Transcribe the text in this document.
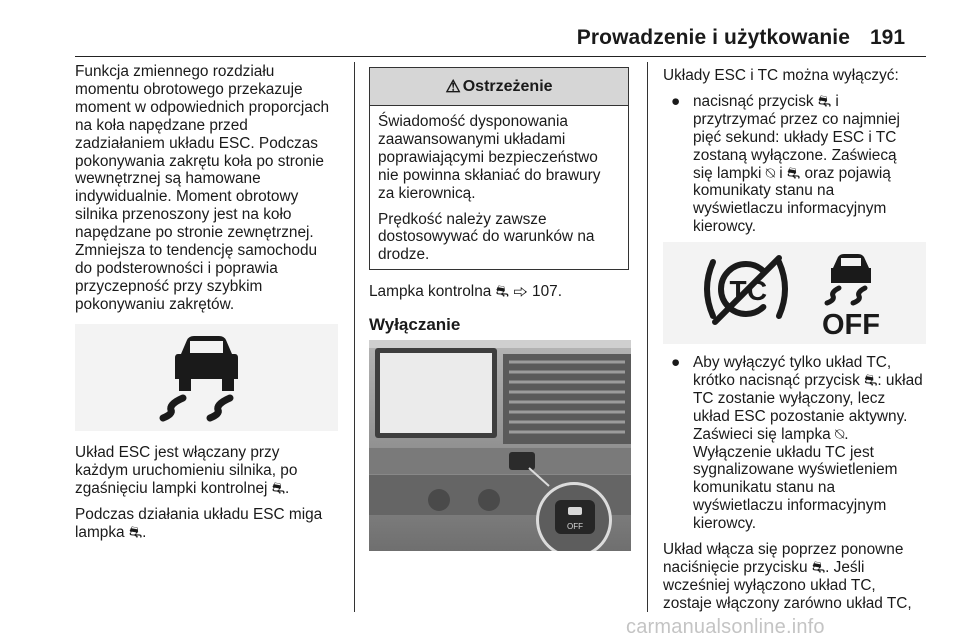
Prowadzenie i użytkowanie 191

Funkcja zmiennego rozdziału
momentu obrotowego przekazuje
moment w odpowiednich proporcjach
na koła napędzane przed
zadziałaniem układu ESC. Podczas
pokonywania zakrętu koła po stronie
wewnętrznej są hamowane
indywidualnie. Moment obrotowy
silnika przenoszony jest na koło
napędzane po stronie zewnętrznej.
Zmniejsza to tendencję samochodu
do podsterowności i poprawia
przyczepność przy szybkim
pokonywaniu zakrętów.

Układ ESC jest włączany przy
każdym uruchomieniu silnika, po
zgaśnięciu lampki kontrolnej ⛐.

Podczas działania układu ESC miga
lampka ⛐.

⚠ Ostrzeżenie

Świadomość dysponowania
zaawansowanymi układami
poprawiającymi bezpieczeństwo
nie powinna skłaniać do brawury
za kierownicą.

Prędkość należy zawsze
dostosowywać do warunków na
drodze.

Lampka kontrolna ⛐ ⇨ 107.
Wyłączanie
OFF

Układy ESC i TC można wyłączyć:

● nacisnąć przycisk ⛐ i
przytrzymać przez co najmniej
pięć sekund: układy ESC i TC
zostaną wyłączone. Zaświecą
się lampki ⍉ i ⛐ oraz pojawią
komunikaty stanu na
wyświetlaczu informacyjnym
kierowcy.
T C
OFF
● Aby wyłączyć tylko układ TC,
krótko nacisnąć przycisk ⛐: układ
TC zostanie wyłączony, lecz
układ ESC pozostanie aktywny.
Zaświeci się lampka ⍉.
Wyłączenie układu TC jest
sygnalizowane wyświetleniem
komunikatu stanu na
wyświetlaczu informacyjnym
kierowcy.

Układ włącza się poprzez ponowne
naciśnięcie przycisku ⛐. Jeśli
wcześniej wyłączono układ TC,
zostaje włączony zarówno układ TC,

carmanualsonline.info
